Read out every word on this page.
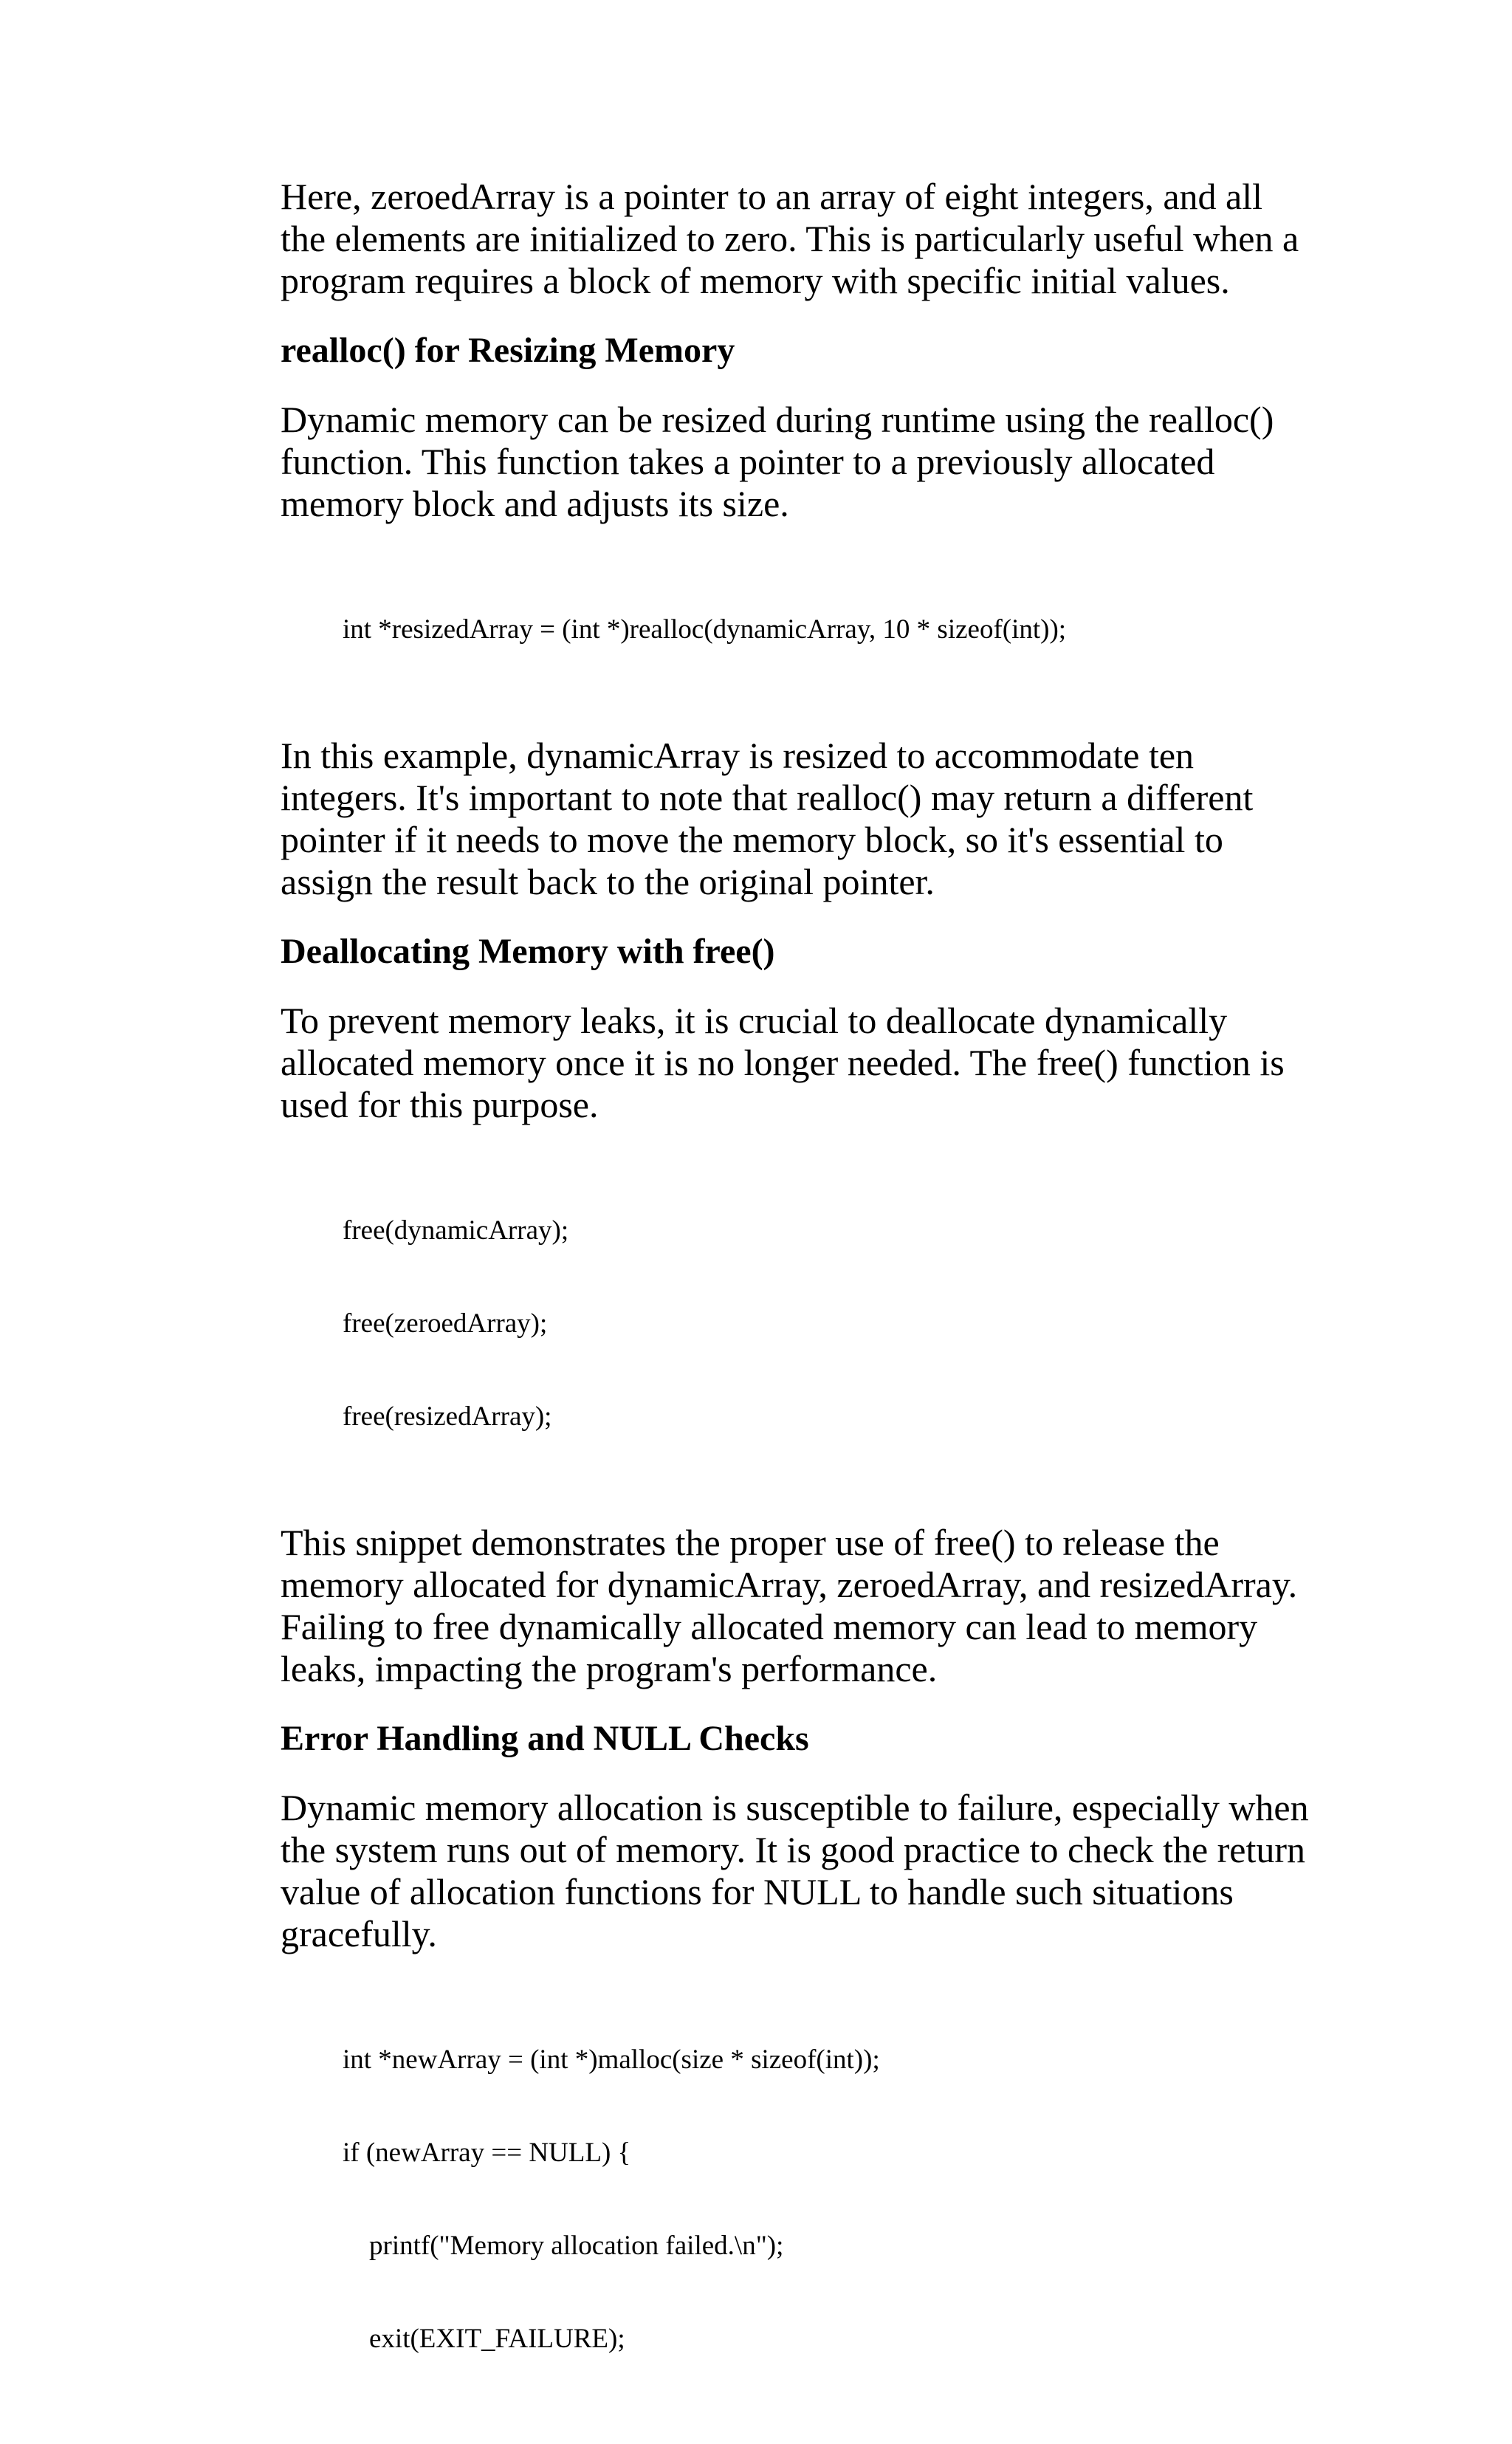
Here, zeroedArray is a pointer to an array of eight integers, and all
the elements are initialized to zero. This is particularly useful when a
program requires a block of memory with specific initial values.

realloc() for Resizing Memory

Dynamic memory can be resized during runtime using the realloc()
function. This function takes a pointer to a previously allocated
memory block and adjusts its size.

int *resizedArray = (int *)realloc(dynamicArray, 10 * sizeof(int));

In this example, dynamicArray is resized to accommodate ten
integers. It's important to note that realloc() may return a different
pointer if it needs to move the memory block, so it's essential to
assign the result back to the original pointer.

Deallocating Memory with free()

To prevent memory leaks, it is crucial to deallocate dynamically
allocated memory once it is no longer needed. The free() function is
used for this purpose.

free(dynamicArray);

free(zeroedArray);

free(resizedArray);

This snippet demonstrates the proper use of free() to release the
memory allocated for dynamicArray, zeroedArray, and resizedArray.
Failing to free dynamically allocated memory can lead to memory
leaks, impacting the program's performance.

Error Handling and NULL Checks

Dynamic memory allocation is susceptible to failure, especially when
the system runs out of memory. It is good practice to check the return
value of allocation functions for NULL to handle such situations
gracefully.

int *newArray = (int *)malloc(size * sizeof(int));

if (newArray == NULL) {

printf("Memory allocation failed.\n");

exit(EXIT_FAILURE);
